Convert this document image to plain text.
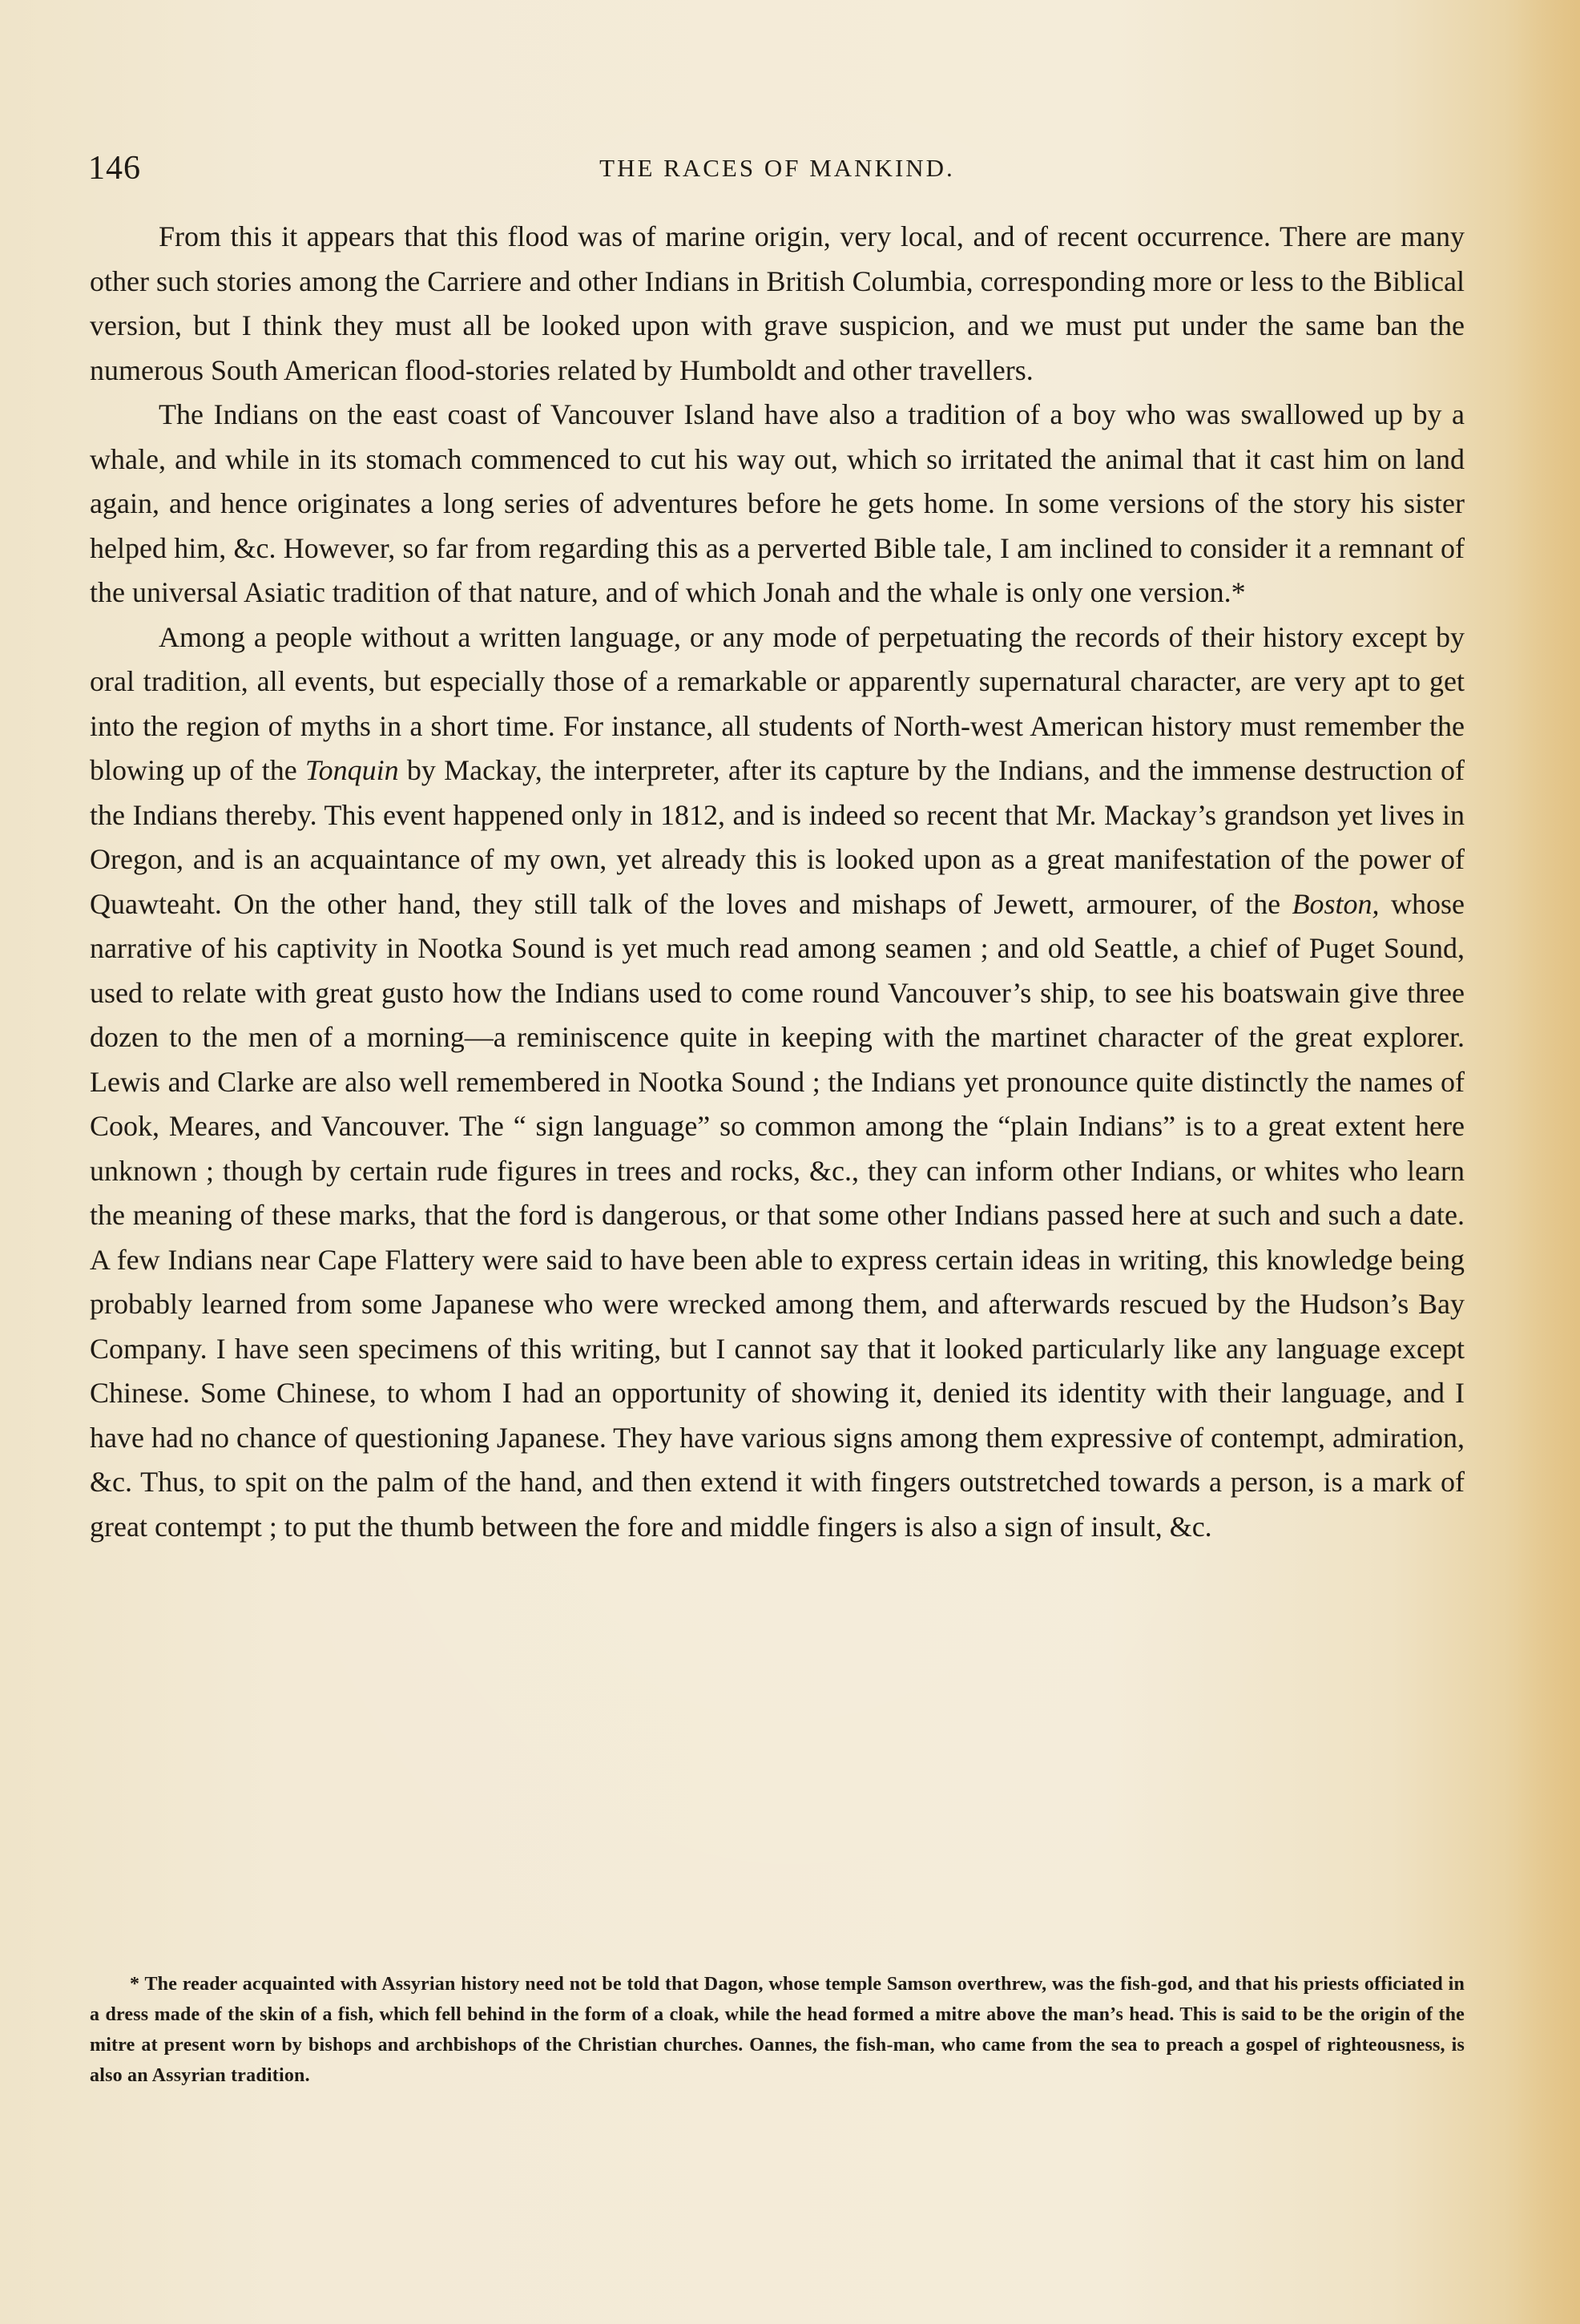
146	THE RACES OF MANKIND.

From this it appears that this flood was of marine origin, very local, and of recent occurrence. There are many other such stories among the Carriere and other Indians in British Columbia, corresponding more or less to the Biblical version, but I think they must all be looked upon with grave suspicion, and we must put under the same ban the numerous South American flood-stories related by Humboldt and other travellers.

The Indians on the east coast of Vancouver Island have also a tradition of a boy who was swallowed up by a whale, and while in its stomach commenced to cut his way out, which so irritated the animal that it cast him on land again, and hence originates a long series of adventures before he gets home. In some versions of the story his sister helped him, &c. However, so far from regarding this as a perverted Bible tale, I am inclined to consider it a remnant of the universal Asiatic tradition of that nature, and of which Jonah and the whale is only one version.*

Among a people without a written language, or any mode of perpetuating the records of their history except by oral tradition, all events, but especially those of a remarkable or apparently supernatural character, are very apt to get into the region of myths in a short time. For instance, all students of North-west American history must remember the blowing up of the Tonquin by Mackay, the interpreter, after its capture by the Indians, and the immense destruction of the Indians thereby. This event happened only in 1812, and is indeed so recent that Mr. Mackay’s grandson yet lives in Oregon, and is an acquaintance of my own, yet already this is looked upon as a great manifestation of the power of Quawteaht. On the other hand, they still talk of the loves and mishaps of Jewett, armourer, of the Boston, whose narrative of his captivity in Nootka Sound is yet much read among seamen ; and old Seattle, a chief of Puget Sound, used to relate with great gusto how the Indians used to come round Vancouver’s ship, to see his boatswain give three dozen to the men of a morning—a reminiscence quite in keeping with the martinet character of the great explorer. Lewis and Clarke are also well remembered in Nootka Sound ; the Indians yet pronounce quite distinctly the names of Cook, Meares, and Vancouver. The “ sign language” so common among the “plain Indians” is to a great extent here unknown ; though by certain rude figures in trees and rocks, &c., they can inform other Indians, or whites who learn the meaning of these marks, that the ford is dangerous, or that some other Indians passed here at such and such a date. A few Indians near Cape Flattery were said to have been able to express certain ideas in writing, this knowledge being probably learned from some Japanese who were wrecked among them, and afterwards rescued by the Hudson’s Bay Company. I have seen specimens of this writing, but I cannot say that it looked particularly like any language except Chinese. Some Chinese, to whom I had an opportunity of showing it, denied its identity with their language, and I have had no chance of questioning Japanese. They have various signs among them expressive of contempt, admiration, &c. Thus, to spit on the palm of the hand, and then extend it with fingers outstretched towards a person, is a mark of great contempt ; to put the thumb between the fore and middle fingers is also a sign of insult, &c.

* The reader acquainted with Assyrian history need not be told that Dagon, whose temple Samson overthrew, was the fish-god, and that his priests officiated in a dress made of the skin of a fish, which fell behind in the form of a cloak, while the head formed a mitre above the man’s head. This is said to be the origin of the mitre at present worn by bishops and archbishops of the Christian churches. Oannes, the fish-man, who came from the sea to preach a gospel of righteousness, is also an Assyrian tradition.
